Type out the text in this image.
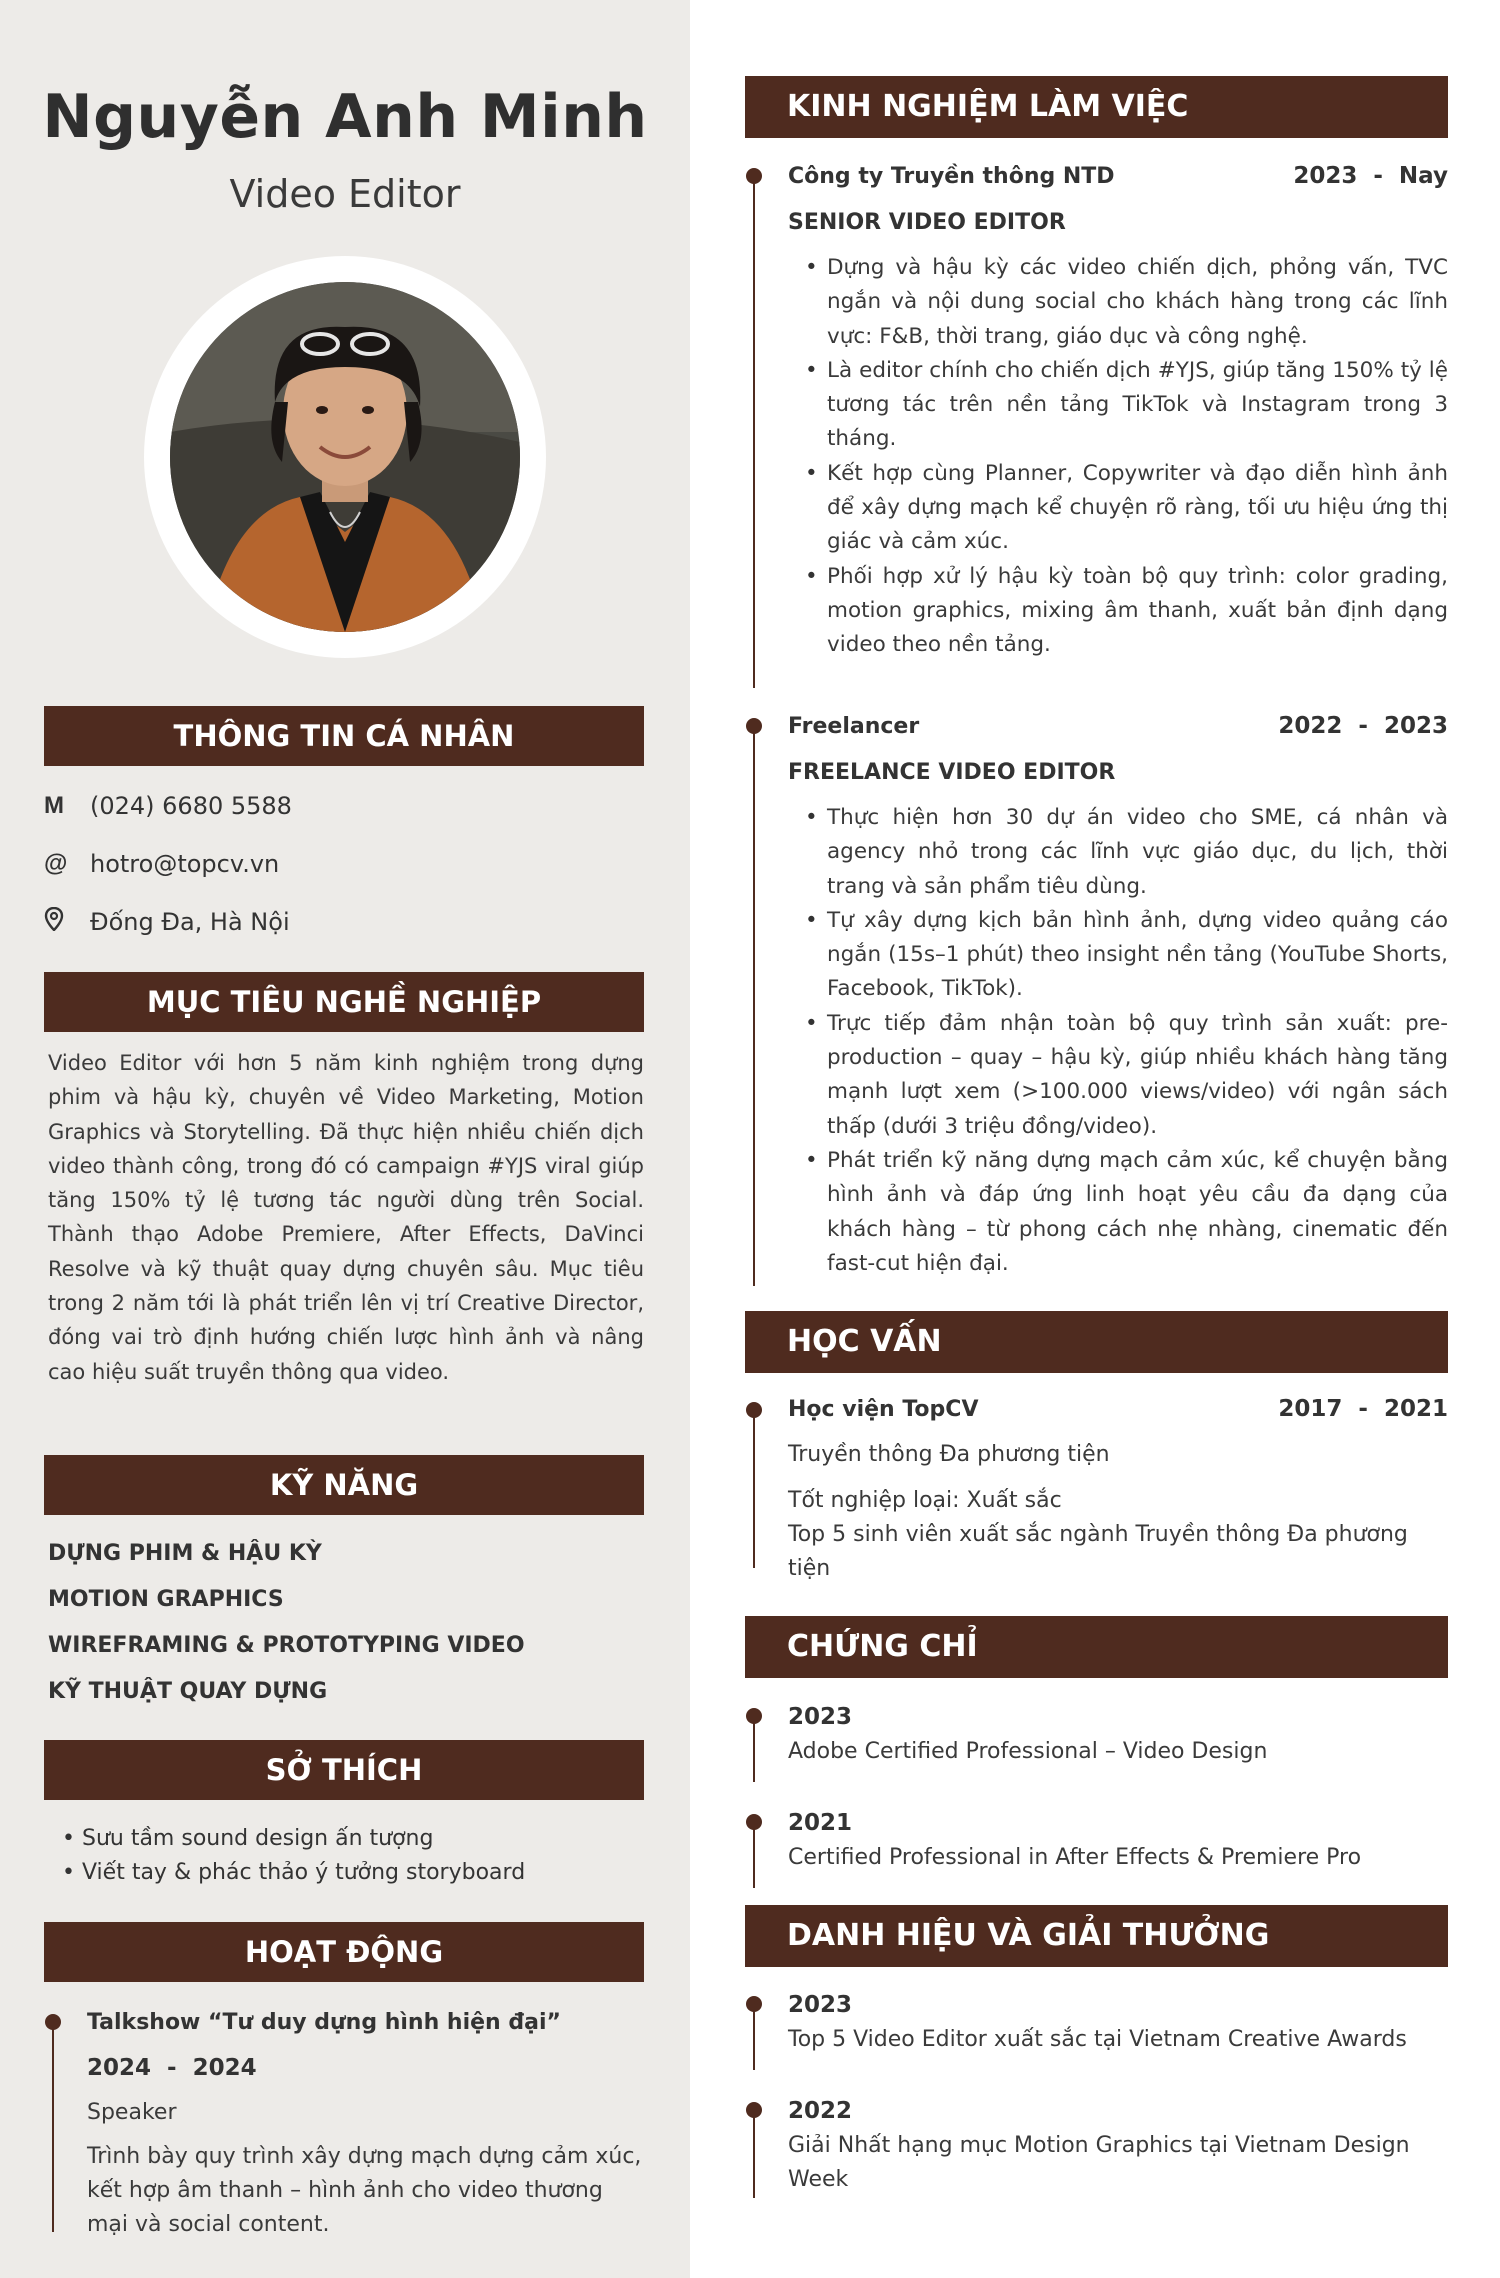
Nguyễn Anh Minh
Video Editor
THÔNG TIN CÁ NHÂN
M	(024) 6680 5588
@ hotro@topcv.vn
Đống Đa, Hà Nội
MỤC TIÊU NGHỀ NGHIỆP
Video Editor với hơn 5 năm kinh nghiệm trong dựng phim và hậu kỳ, chuyên về Video Marketing, Motion Graphics và Storytelling. Đã thực hiện nhiều chiến dịch video thành công, trong đó có campaign #YJS viral giúp tăng 150% tỷ lệ tương tác người dùng trên Social. Thành thạo Adobe Premiere, After Effects, DaVinci Resolve và kỹ thuật quay dựng chuyên sâu. Mục tiêu trong 2 năm tới là phát triển lên vị trí Creative Director, đóng vai trò định hướng chiến lược hình ảnh và nâng cao hiệu suất truyền thông qua video.
KỸ NĂNG
DỰNG PHIM & HẬU KỲ
MOTION GRAPHICS
WIREFRAMING & PROTOTYPING VIDEO
KỸ THUẬT QUAY DỰNG
SỞ THÍCH
• Sưu tầm sound design ấn tượng
• Viết tay & phác thảo ý tưởng storyboard
HOẠT ĐỘNG
Talkshow “Tư duy dựng hình hiện đại”
2024  -  2024
Speaker
Trình bày quy trình xây dựng mạch dựng cảm xúc, kết hợp âm thanh – hình ảnh cho video thương mại và social content.
KINH NGHIỆM LÀM VIỆC
Công ty Truyền thông NTD	2023  -  Nay
SENIOR VIDEO EDITOR
• Dựng và hậu kỳ các video chiến dịch, phỏng vấn, TVC ngắn và nội dung social cho khách hàng trong các lĩnh vực: F&B, thời trang, giáo dục và công nghệ.
• Là editor chính cho chiến dịch #YJS, giúp tăng 150% tỷ lệ tương tác trên nền tảng TikTok và Instagram trong 3 tháng.
• Kết hợp cùng Planner, Copywriter và đạo diễn hình ảnh để xây dựng mạch kể chuyện rõ ràng, tối ưu hiệu ứng thị giác và cảm xúc.
• Phối hợp xử lý hậu kỳ toàn bộ quy trình: color grading, motion graphics, mixing âm thanh, xuất bản định dạng video theo nền tảng.
Freelancer	2022  -  2023
FREELANCE VIDEO EDITOR
• Thực hiện hơn 30 dự án video cho SME, cá nhân và agency nhỏ trong các lĩnh vực giáo dục, du lịch, thời trang và sản phẩm tiêu dùng.
• Tự xây dựng kịch bản hình ảnh, dựng video quảng cáo ngắn (15s–1 phút) theo insight nền tảng (YouTube Shorts, Facebook, TikTok).
• Trực tiếp đảm nhận toàn bộ quy trình sản xuất: pre-production – quay – hậu kỳ, giúp nhiều khách hàng tăng mạnh lượt xem (>100.000 views/video) với ngân sách thấp (dưới 3 triệu đồng/video).
• Phát triển kỹ năng dựng mạch cảm xúc, kể chuyện bằng hình ảnh và đáp ứng linh hoạt yêu cầu đa dạng của khách hàng – từ phong cách nhẹ nhàng, cinematic đến fast-cut hiện đại.
HỌC VẤN
Học viện TopCV	2017  -  2021
Truyền thông Đa phương tiện
Tốt nghiệp loại: Xuất sắc
Top 5 sinh viên xuất sắc ngành Truyền thông Đa phương tiện
CHỨNG CHỈ
2023
Adobe Certified Professional – Video Design
2021
Certified Professional in After Effects & Premiere Pro
DANH HIỆU VÀ GIẢI THƯỞNG
2023
Top 5 Video Editor xuất sắc tại Vietnam Creative Awards
2022
Giải Nhất hạng mục Motion Graphics tại Vietnam Design Week
